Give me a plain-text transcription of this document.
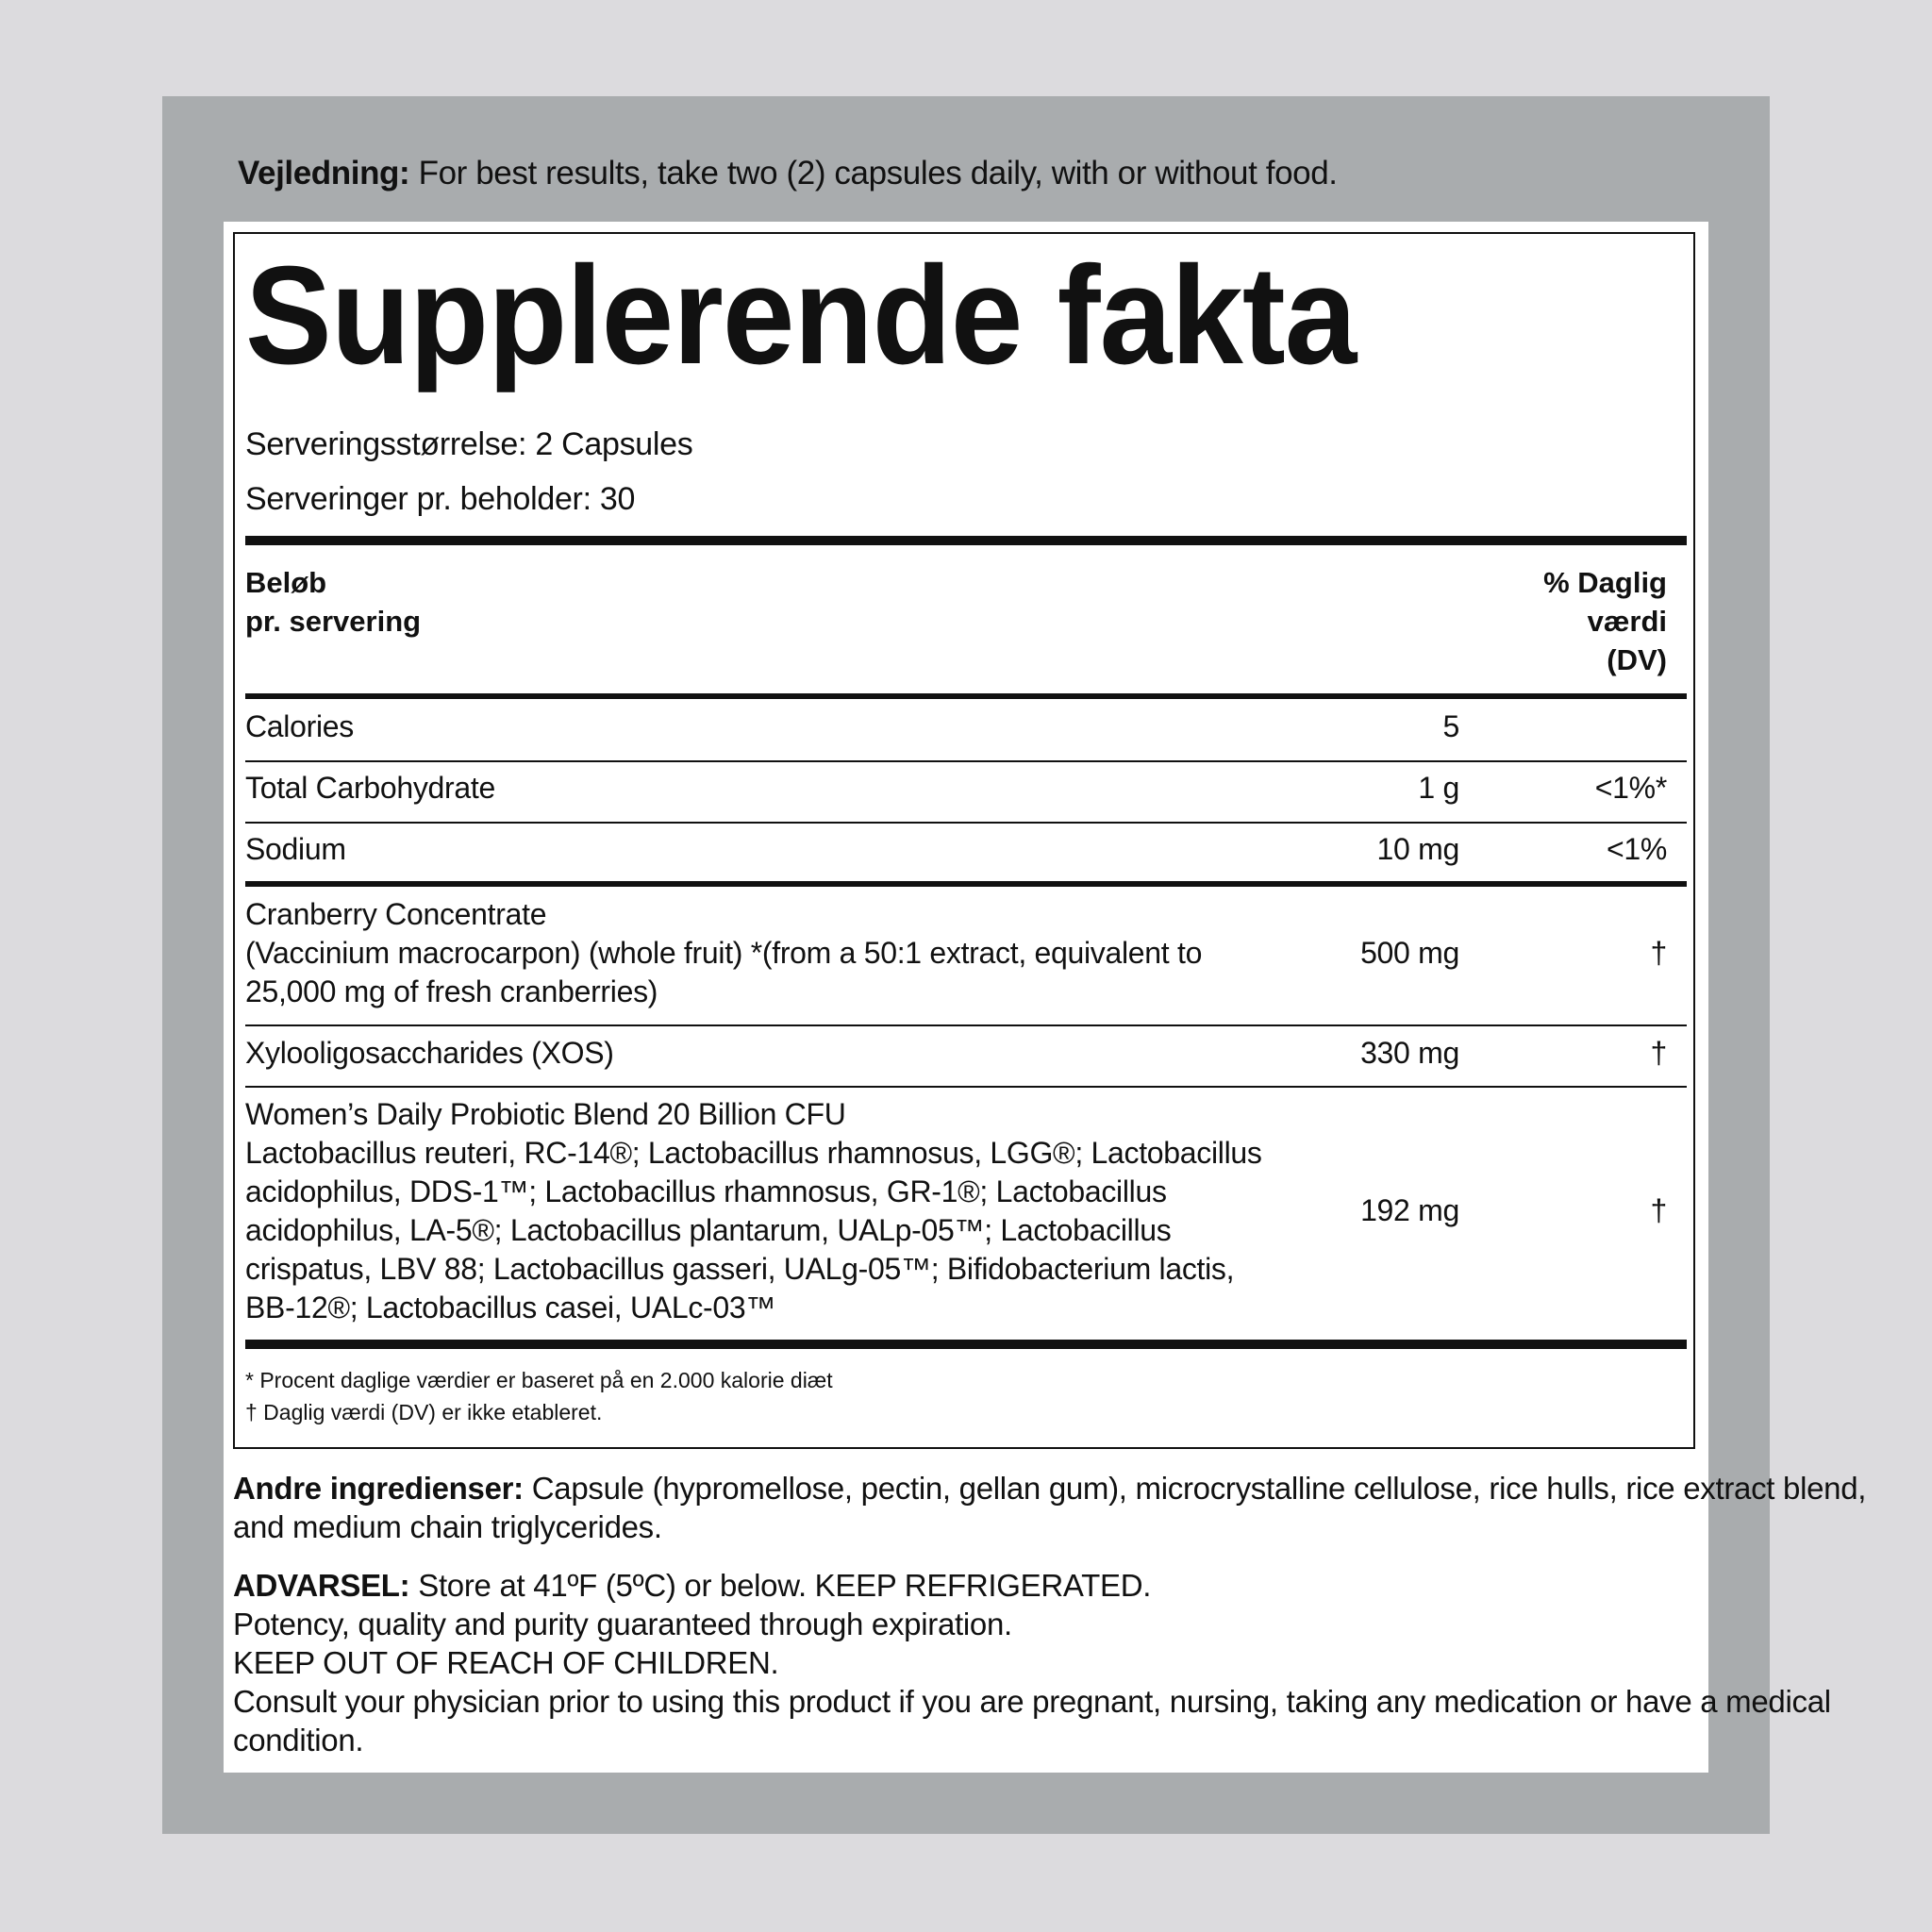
Vejledning: For best results, take two (2) capsules daily, with or without food.
Supplerende fakta
Serveringsstørrelse: 2 Capsules
Serveringer pr. beholder: 30
Beløb
pr. servering
% Daglig
værdi
(DV)
Calories	5
Total Carbohydrate	1 g	<1%*
Sodium	10 mg	<1%
Cranberry Concentrate
(Vaccinium macrocarpon) (whole fruit) *(from a 50:1 extract, equivalent to
25,000 mg of fresh cranberries)
500 mg	†
Xylooligosaccharides (XOS)	330 mg	†
Women’s Daily Probiotic Blend 20 Billion CFU
Lactobacillus reuteri, RC-14®; Lactobacillus rhamnosus, LGG®; Lactobacillus
acidophilus, DDS-1™; Lactobacillus rhamnosus, GR-1®; Lactobacillus
acidophilus, LA-5®; Lactobacillus plantarum, UALp-05™; Lactobacillus
crispatus, LBV 88; Lactobacillus gasseri, UALg-05™; Bifidobacterium lactis,
BB-12®; Lactobacillus casei, UALc-03™
192 mg	†
* Procent daglige værdier er baseret på en 2.000 kalorie diæt
† Daglig værdi (DV) er ikke etableret.
Andre ingredienser: Capsule (hypromellose, pectin, gellan gum), microcrystalline cellulose, rice hulls, rice extract blend,
and medium chain triglycerides.
ADVARSEL: Store at 41ºF (5ºC) or below. KEEP REFRIGERATED.
Potency, quality and purity guaranteed through expiration.
KEEP OUT OF REACH OF CHILDREN.
Consult your physician prior to using this product if you are pregnant, nursing, taking any medication or have a medical
condition.
